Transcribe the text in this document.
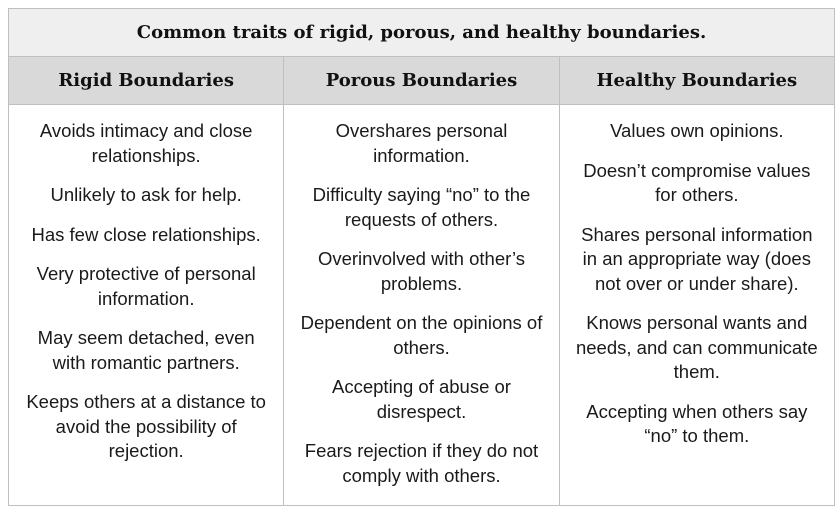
Common traits of rigid, porous, and healthy boundaries.
Rigid Boundaries	Porous Boundaries	Healthy Boundaries

Avoids intimacy and close relationships.

Unlikely to ask for help.

Has few close relationships.

Very protective of personal information.

May seem detached, even with romantic partners.

Keeps others at a distance to avoid the possibility of rejection.

Overshares personal information.

Difficulty saying “no” to the requests of others.

Overinvolved with other’s problems.

Dependent on the opinions of others.

Accepting of abuse or disrespect.

Fears rejection if they do not comply with others.

Values own opinions.

Doesn’t compromise values for others.

Shares personal information in an appropriate way (does not over or under share).

Knows personal wants and needs, and can communicate them.

Accepting when others say “no” to them.
